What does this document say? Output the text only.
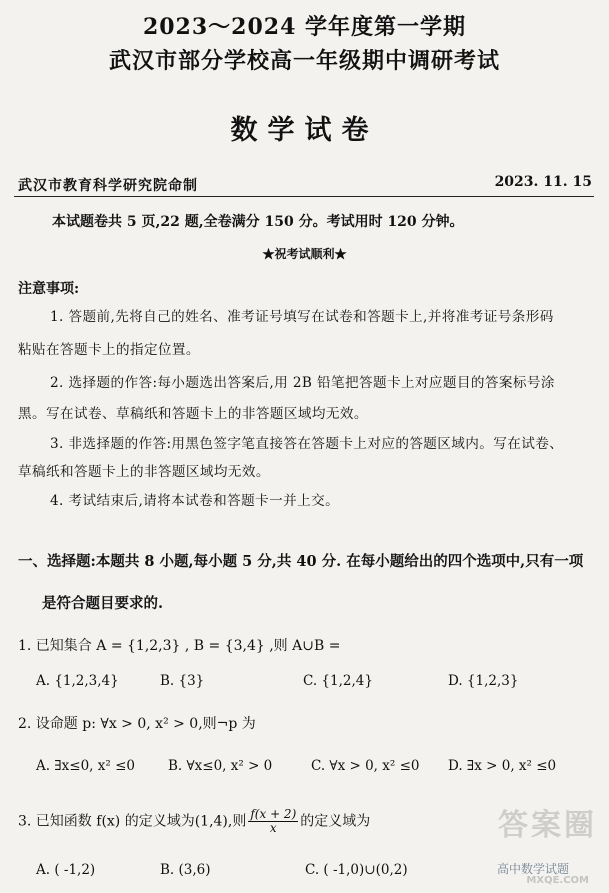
2023～2024 学年度第一学期
武汉市部分学校高一年级期中调研考试
数学试卷
武汉市教育科学研究院命制	2023. 11. 15
本试题卷共 5 页,22 题,全卷满分 150 分。考试用时 120 分钟。
★祝考试顺利★
注意事项:
1. 答题前,先将自己的姓名、准考证号填写在试卷和答题卡上,并将准考证号条形码
粘贴在答题卡上的指定位置。
2. 选择题的作答:每小题选出答案后,用 2B 铅笔把答题卡上对应题目的答案标号涂
黑。写在试卷、草稿纸和答题卡上的非答题区域均无效。
3. 非选择题的作答:用黑色签字笔直接答在答题卡上对应的答题区域内。写在试卷、
草稿纸和答题卡上的非答题区域均无效。
4. 考试结束后,请将本试卷和答题卡一并上交。
一、选择题:本题共 8 小题,每小题 5 分,共 40 分. 在每小题给出的四个选项中,只有一项
是符合题目要求的.
1. 已知集合 A = {1,2,3} , B = {3,4} ,则 A∪B =
A. {1,2,3,4}	B. {3}	C. {1,2,4}	D. {1,2,3}
2. 设命题 p: ∀x > 0, x² > 0,则¬p 为
A. ∃x≤0, x² ≤0 B. ∀x≤0, x² > 0	C. ∀x > 0, x² ≤0 D. ∃x > 0, x² ≤0
3. 已知函数 f(x) 的定义域为(1,4),则 $\frac{f(x + 2)}{x}$ 的定义域为
A. ( -1,2)	B. (3,6)	C. ( -1,0)∪(0,2)
答案圈
高中数学试题
MXQE.COM
